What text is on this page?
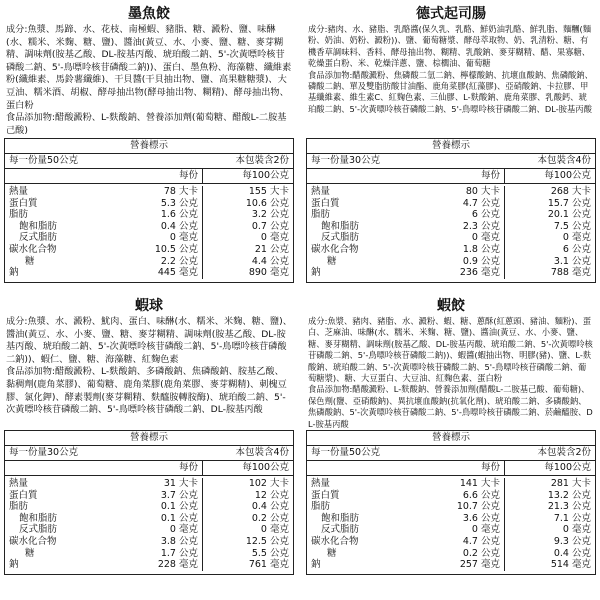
墨魚餃
成分:魚漿、馬蹄、水、花枝、南極蝦、豬脂、糖、澱粉、鹽、味醂(水、糯米、米麴、糖、鹽)、醬油(黃豆、水、小麥、鹽、糖、麥芽糊精、調味劑(胺基乙酸、DL-胺基丙酸、琥珀酸二鈉、5'-次黃嘌呤核苷磷酸二鈉、5'-鳥嘌呤核苷磷酸二鈉))、蛋白、墨魚粉、海藻糖、纖維素粉(纖維素、馬鈴薯纖維)、干貝醬(干貝抽出物、鹽、高果糖糖漿)、大豆油、糯米酒、胡椒、酵母抽出物(酵母抽出物、糊精)、酵母抽出物、蛋白粉
食品添加物:醋酸澱粉、L-麩酸鈉、營養添加劑(葡萄糖、醋酸L-二胺基己酸)
營養標示
每一份量50公克	本包裝含2份
每份	每100公克
熱量	78 大卡	155 大卡
蛋白質	5.3 公克	10.6 公克
脂肪	1.6 公克	3.2 公克
飽和脂肪	0.4 公克	0.7 公克
反式脂肪	0 毫克	0 毫克
碳水化合物	10.5 公克	21 公克
糖	2.2 公克	4.4 公克
鈉	445 毫克	890 毫克
德式起司腸
成分:豬肉、水、豬脂、乳酪醬(保久乳、乳酪、鮮奶油乳酪、鮮乳脂、麵糰(麵粉、奶油、奶粉、澱粉))、鹽、葡萄糖漿、酵母萃取物、奶、乳清粉、糖、有機香草調味料、香料、酵母抽出物、糊精、乳酸鈉、麥芽糊精、醋、果寡糖、乾燥蛋白粉、米、乾燥洋蔥、鹽、棕櫚油、葡萄糖
食品添加物:醋酸澱粉、焦磷酸二氫二鈉、檸檬酸鈉、抗壞血酸鈉、焦磷酸鈉、磷酸二鈉、單及雙脂肪酸甘油酯、鹿角菜膠(紅藻膠)、亞硝酸鈉、卡拉膠、甲基纖維素、維生素C、紅麴色素、三仙膠、L-麩酸鈉、鹿角菜膠、乳酸鈣、琥珀酸二鈉、5'-次黃嘌呤核苷磷酸二鈉、5'-鳥嘌呤核苷磷酸二鈉、DL-胺基丙酸
營養標示
每一份量30公克	本包裝含4份
每份	每100公克
熱量	80 大卡	268 大卡
蛋白質	4.7 公克	15.7 公克
脂肪	6 公克	20.1 公克
飽和脂肪	2.3 公克	7.5 公克
反式脂肪	0 毫克	0 毫克
碳水化合物	1.8 公克	6 公克
糖	0.9 公克	3.1 公克
鈉	236 毫克	788 毫克
蝦球
成分:魚漿、水、澱粉、魷肉、蛋白、味醂(水、糯米、米麴、糖、鹽)、醬油(黃豆、水、小麥、鹽、糖、麥芽糊精、調味劑(胺基乙酸、DL-胺基丙酸、琥珀酸二鈉、5'-次黃嘌呤核苷磷酸二鈉、5'-鳥嘌呤核苷磷酸二鈉))、蝦仁、鹽、糖、海藻糖、紅麴色素
食品添加物:醋酸澱粉、L-麩酸鈉、多磷酸鈉、焦磷酸鈉、胺基乙酸、黏稠劑(鹿角菜膠)、葡萄糖、鹿角菜膠(鹿角菜膠、麥芽糊精)、刺槐豆膠、氯化鉀)、酵素製劑(麥芽糊精、麩醯胺轉胺酶)、琥珀酸二鈉、5'-次黃嘌呤核苷磷酸二鈉、5'-鳥嘌呤核苷磷酸二鈉、DL-胺基丙酸
營養標示
每一份量30公克	本包裝含4份
每份	每100公克
熱量	31 大卡	102 大卡
蛋白質	3.7 公克	12 公克
脂肪	0.1 公克	0.4 公克
飽和脂肪	0.1 公克	0.2 公克
反式脂肪	0 毫克	0 毫克
碳水化合物	3.8 公克	12.5 公克
糖	1.7 公克	5.5 公克
鈉	228 毫克	761 毫克
蝦餃
成分:魚漿、豬肉、豬脂、水、澱粉、蝦、糖、蔥酥(紅蔥頭、豬油、麵粉)、蛋白、芝麻油、味醂(水、糯米、米麴、糖、鹽)、醬油(黃豆、水、小麥、鹽、糖、麥芽糊精、調味劑(胺基乙酸、DL-胺基丙酸、琥珀酸二鈉、5'-次黃嘌呤核苷磷酸二鈉、5'-鳥嘌呤核苷磷酸二鈉))、蝦醬(蝦抽出物、明膠(豬)、鹽、L-麩酸鈉、琥珀酸二鈉、5'-次黃嘌呤核苷磷酸二鈉、5'-鳥嘌呤核苷磷酸二鈉、葡萄糖漿)、糖、大豆蛋白、大豆油、紅麴色素、蛋白粉
食品添加物:醋酸澱粉、L-麩酸鈉、營養添加劑(醋酸L-二胺基己酸、葡萄糖)、保色劑(鹽、亞硝酸鈉)、異抗壞血酸鈉(抗氧化劑)、琥珀酸二鈉、多磷酸鈉、焦磷酸鈉、5'-次黃嘌呤核苷磷酸二鈉、5'-鳥嘌呤核苷磷酸二鈉、菸鹼醯胺、DL-胺基丙酸
營養標示
每一份量50公克	本包裝含2份
每份	每100公克
熱量	141 大卡	281 大卡
蛋白質	6.6 公克	13.2 公克
脂肪	10.7 公克	21.3 公克
飽和脂肪	3.6 公克	7.1 公克
反式脂肪	0 毫克	0 毫克
碳水化合物	4.7 公克	9.3 公克
糖	0.2 公克	0.4 公克
鈉	257 毫克	514 毫克
